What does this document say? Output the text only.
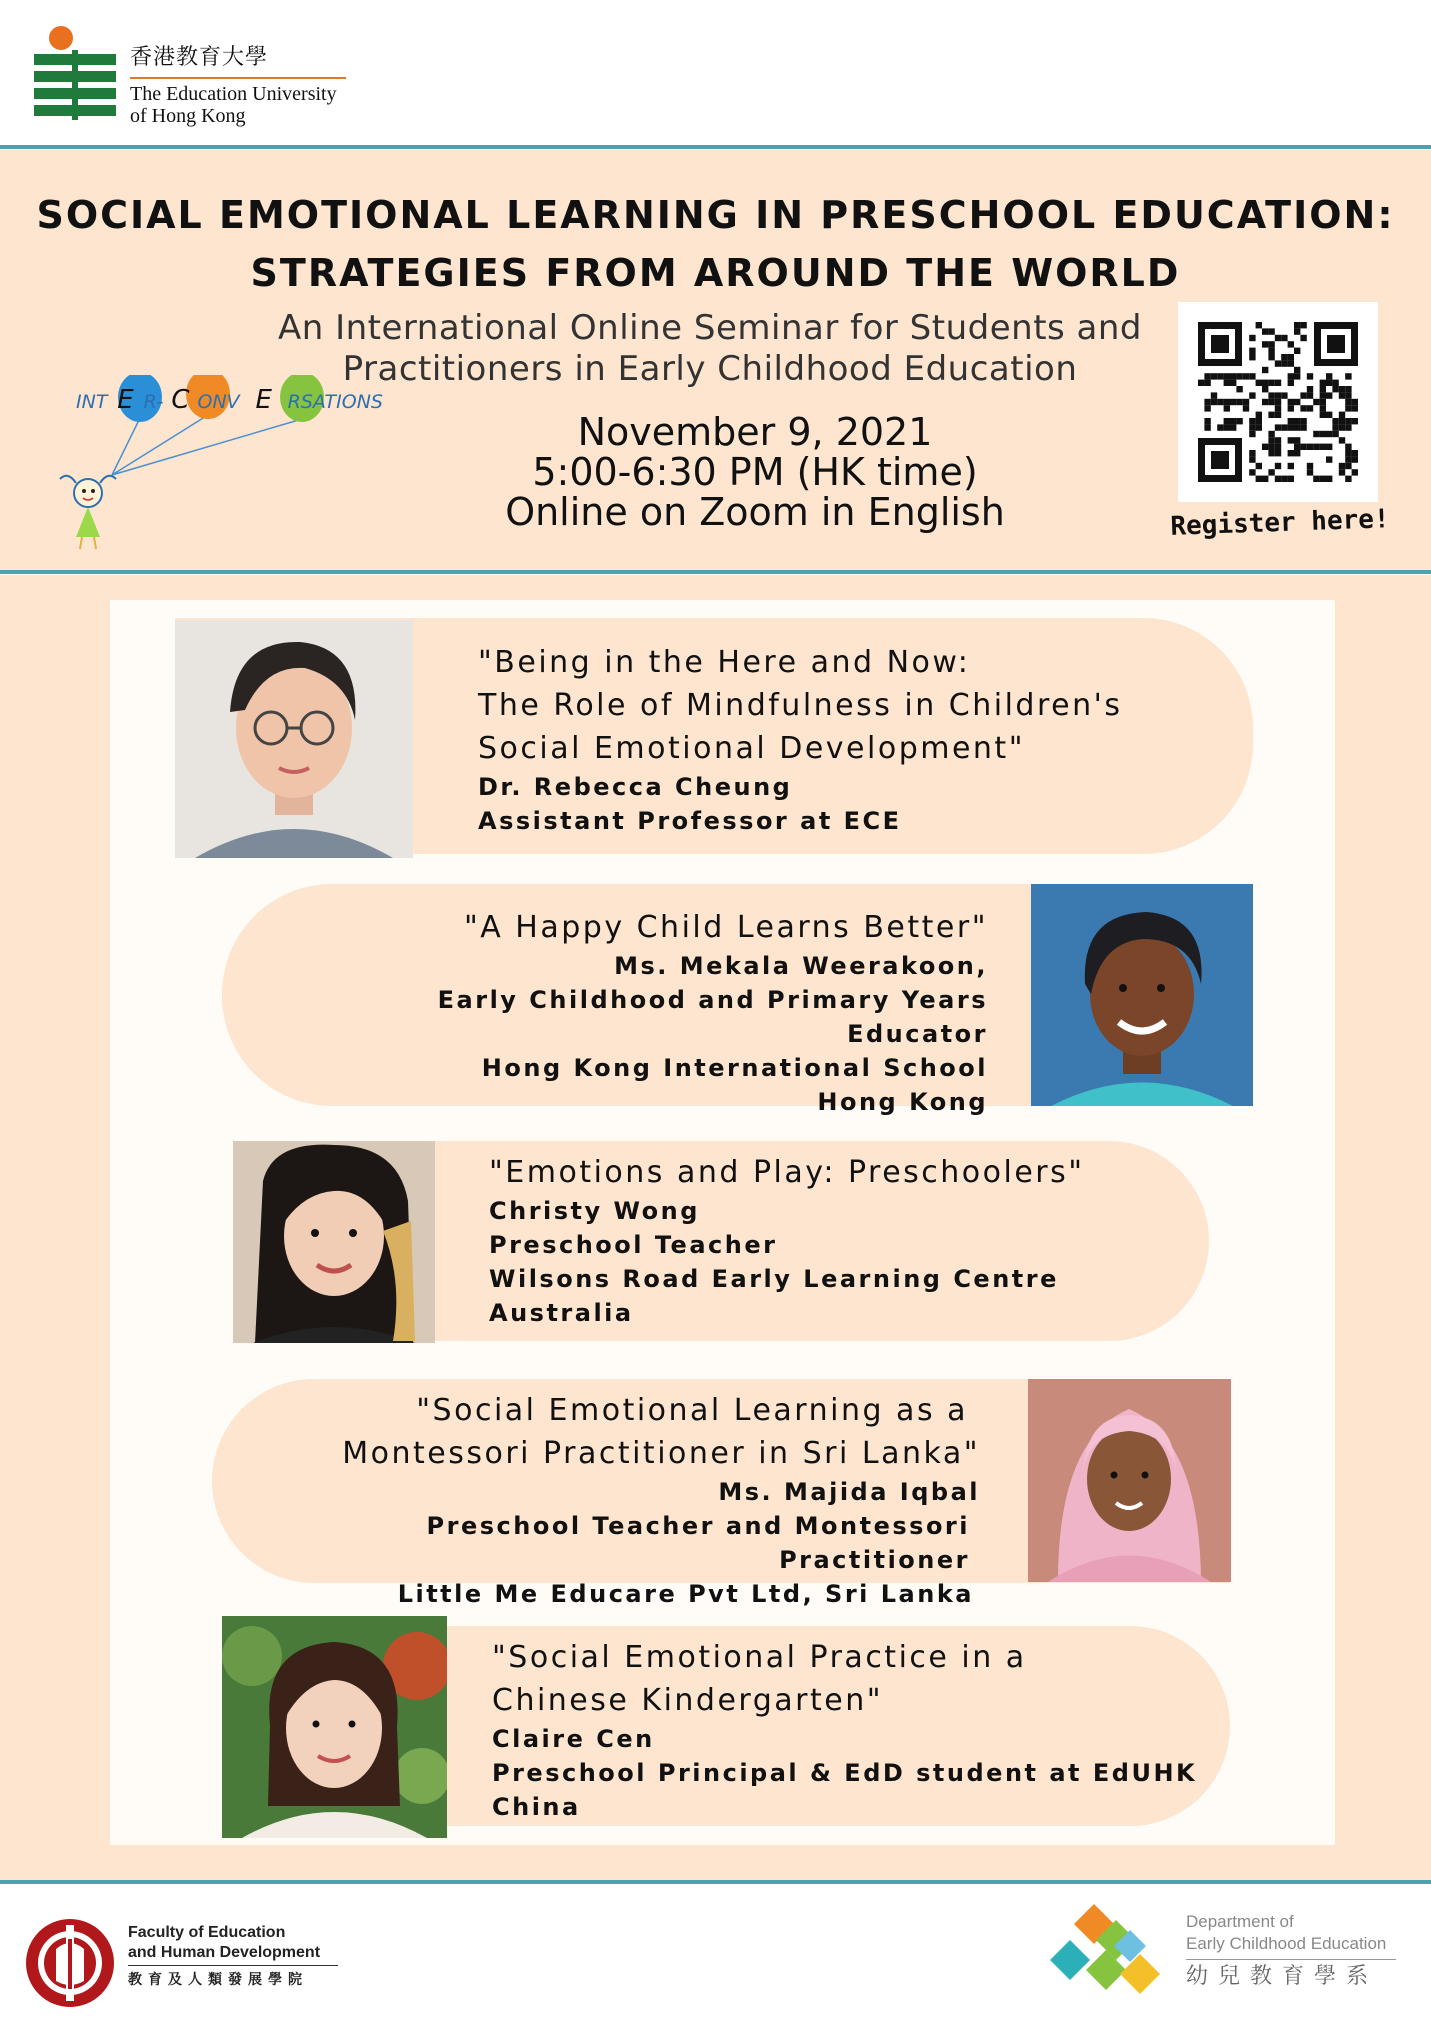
香港教育大學
The Education University
of Hong Kong
SOCIAL EMOTIONAL LEARNING IN PRESCHOOL EDUCATION:
STRATEGIES FROM AROUND THE WORLD
An International Online Seminar for Students and
Practitioners in Early Childhood Education
INT E R- C ONV E RSATIONS
November 9, 2021
5:00-6:30 PM (HK time)
Online on Zoom in English	Register here!
"Being in the Here and Now:
The Role of Mindfulness in Children's
Social Emotional Development"
Dr. Rebecca Cheung
Assistant Professor at ECE
"A Happy Child Learns Better"
Ms. Mekala Weerakoon,
Early Childhood and Primary Years Educator
Hong Kong International School
Hong Kong
"Emotions and Play: Preschoolers"
Christy Wong
Preschool Teacher
Wilsons Road Early Learning Centre
Australia
"Social Emotional Learning as a
Montessori Practitioner in Sri Lanka"
Ms. Majida Iqbal
Preschool Teacher and Montessori Practitioner
Little Me Educare Pvt Ltd, Sri Lanka
"Social Emotional Practice in a
Chinese Kindergarten"
Claire Cen
Preschool Principal & EdD student at EdUHK
China
Faculty of Education
and Human Development
教育及人類發展學院
Department of
Early Childhood Education
幼兒教育學系
